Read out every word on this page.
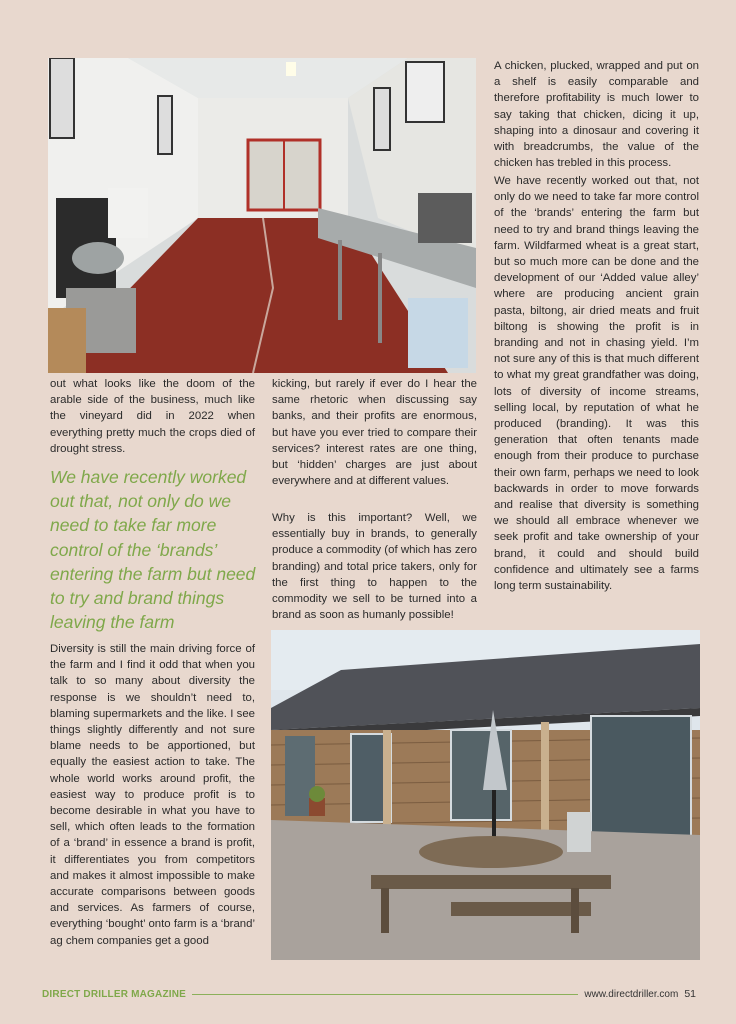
A chicken, plucked, wrapped and put on a shelf is easily comparable and therefore profitability is much lower to say taking that chicken, dicing it up, shaping into a dinosaur and covering it with breadcrumbs, the value of the chicken has trebled in this process.

We have recently worked out that, not only do we need to take far more control of the ‘brands’ entering the farm but need to try and brand things leaving the farm. Wildfarmed wheat is a great start, but so much more can be done and the development of our ‘Added value alley’ where are producing ancient grain pasta, biltong, air dried meats and fruit biltong is showing the profit is in branding and not in chasing yield. I’m not sure any of this is that much different to what my great grandfather was doing, lots of diversity of income streams, selling local, by reputation of what he produced (branding). It was this generation that often tenants made enough from their produce to purchase their own farm, perhaps we need to look backwards in order to move forwards and realise that diversity is something we should all embrace whenever we seek profit and take ownership of your brand, it could and should build confidence and ultimately see a farms long term sustainability.

out what looks like the doom of the arable side of the business, much like the vineyard did in 2022 when everything pretty much the crops died of drought stress.

We have recently worked out that, not only do we need to take far more control of the ‘brands’ entering the farm but need to try and brand things leaving the farm

Diversity is still the main driving force of the farm and I find it odd that when you talk to so many about diversity the response is we shouldn’t need to, blaming supermarkets and the like. I see things slightly differently and not sure blame needs to be apportioned, but equally the easiest action to take. The whole world works around profit, the easiest way to produce profit is to become desirable in what you have to sell, which often leads to the formation of a ‘brand’ in essence a brand is profit, it differentiates you from competitors and makes it almost impossible to make accurate comparisons between goods and services. As farmers of course, everything ‘bought’ onto farm is a ‘brand’ ag chem companies get a good

kicking, but rarely if ever do I hear the same rhetoric when discussing say banks, and their profits are enormous, but have you ever tried to compare their services? interest rates are one thing, but ‘hidden’ charges are just about everywhere and at different values.

Why is this important? Well, we essentially buy in brands, to generally produce a commodity (of which has zero branding) and total price takers, only for the first thing to happen to the commodity we sell to be turned into a brand as soon as humanly possible!

DIRECT DRILLER MAGAZINE	www.directdriller.com 51
